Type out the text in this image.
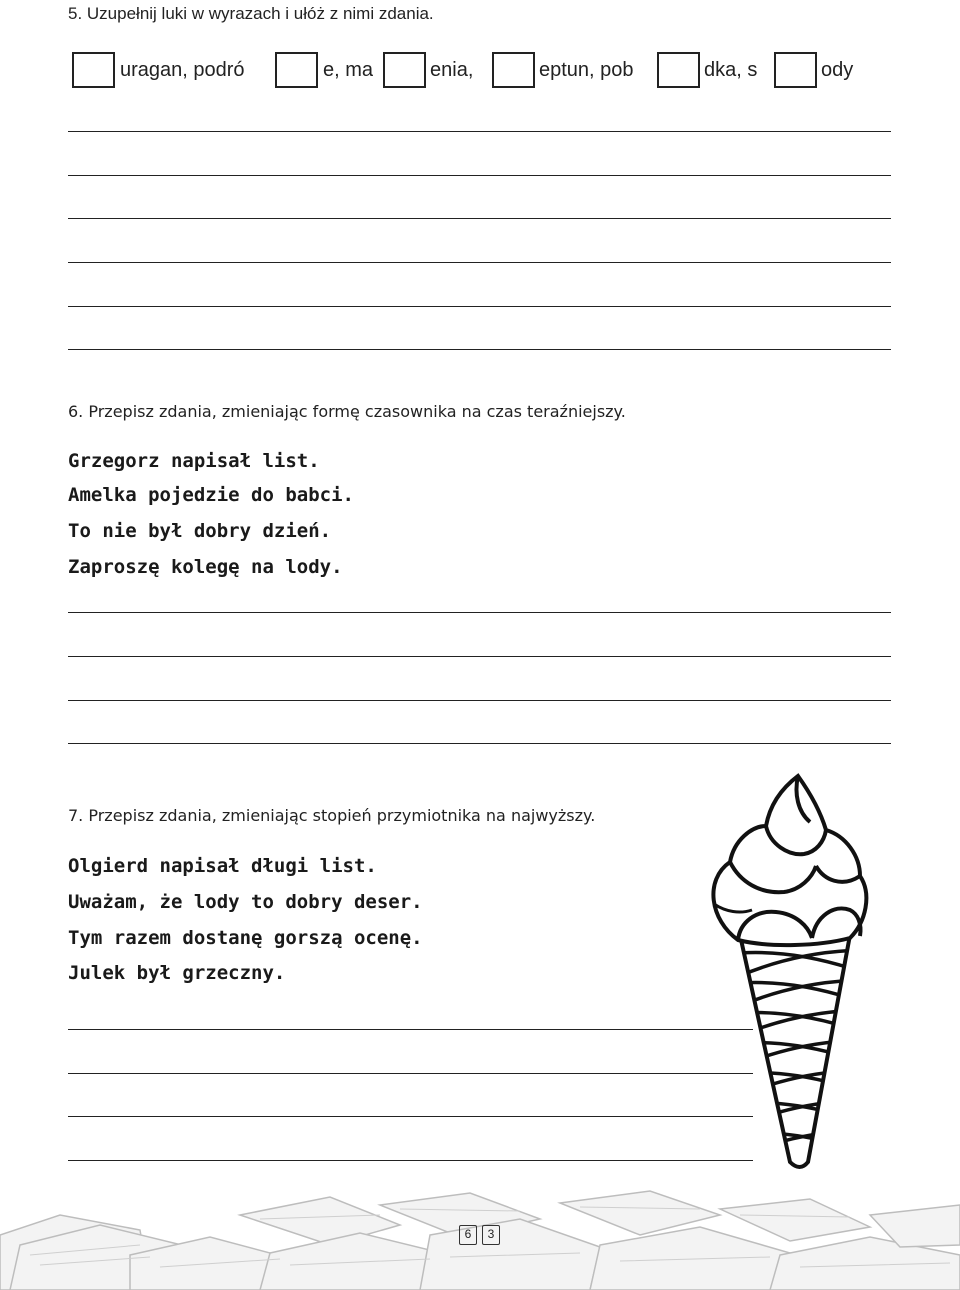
5. Uzupełnij luki w wyrazach i ułóż z nimi zdania.
uragan, podró	e, ma	enia,	eptun, pob	dka, s	ody
6. Przepisz zdania, zmieniając formę czasownika na czas teraźniejszy.
Grzegorz napisał list.
Amelka pojedzie do babci.
To nie był dobry dzień.
Zaproszę kolegę na lody.
7. Przepisz zdania, zmieniając stopień przymiotnika na najwyższy.
Olgierd napisał długi list.
Uważam, że lody to dobry deser.
Tym razem dostanę gorszą ocenę.
Julek był grzeczny.
6	3
